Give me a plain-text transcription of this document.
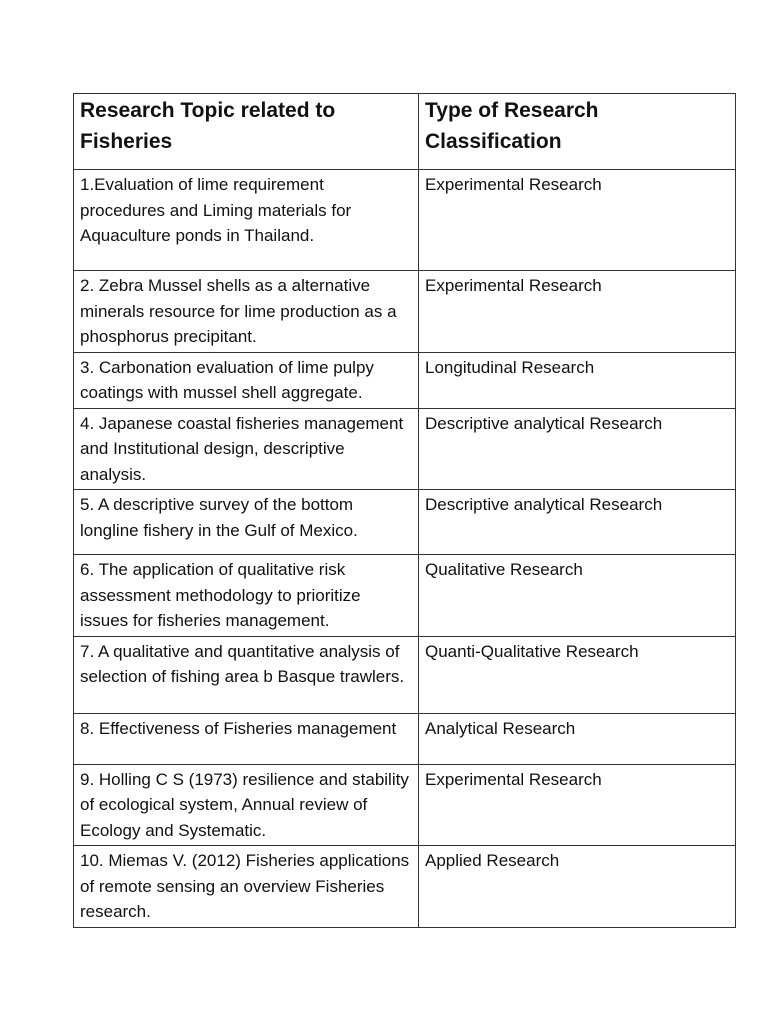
Research Topic related to Fisheries	Type of Research Classification
1.Evaluation of lime requirement procedures and Liming materials for Aquaculture ponds in Thailand.	Experimental Research
2. Zebra Mussel shells as a alternative minerals resource for lime production as a phosphorus precipitant.	Experimental Research
3. Carbonation evaluation of lime pulpy coatings with mussel shell aggregate.	Longitudinal Research
4. Japanese coastal fisheries management and Institutional design, descriptive analysis.	Descriptive analytical Research
5. A descriptive survey of the bottom longline fishery in the Gulf of Mexico.	Descriptive analytical Research
6. The application of qualitative risk assessment methodology to prioritize issues for fisheries management.	Qualitative Research
7. A qualitative and quantitative analysis of selection of fishing area b Basque trawlers.	Quanti-Qualitative Research
8. Effectiveness of Fisheries management	Analytical Research
9. Holling C S (1973) resilience and stability of ecological system, Annual review of Ecology and Systematic.	Experimental Research
10. Miemas V. (2012) Fisheries applications of remote sensing an overview Fisheries research.	Applied Research
